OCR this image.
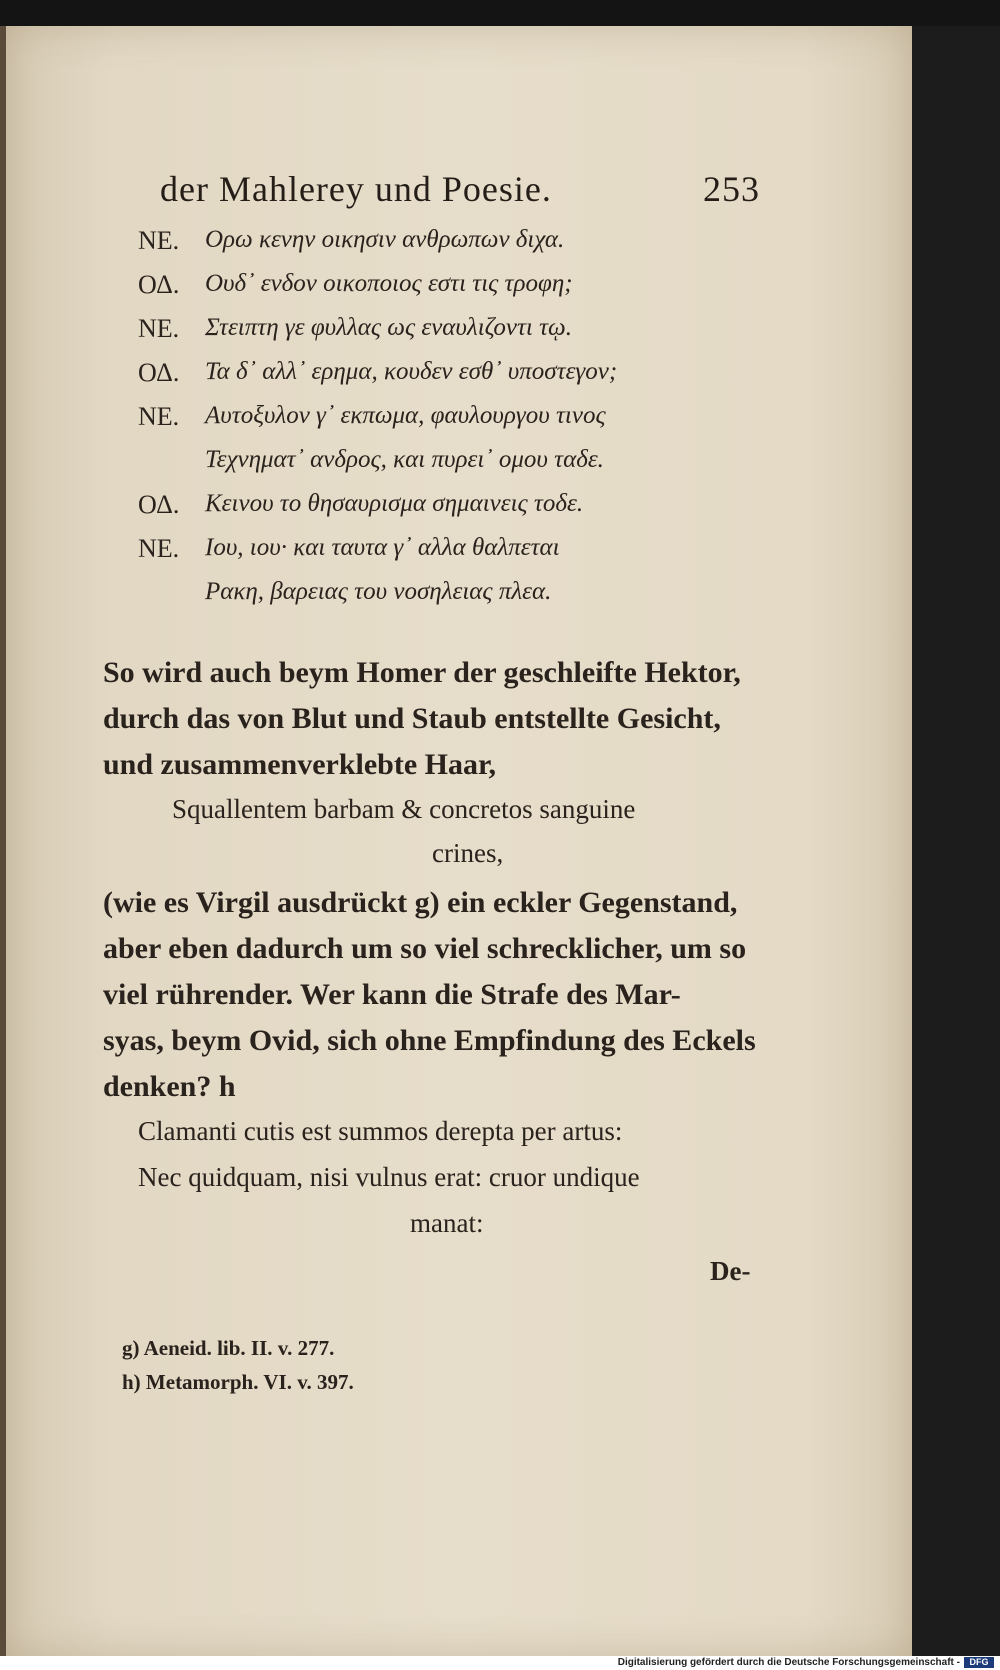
der Mahlerey und Poesie.	253
ΝΕ. Ορω κενην οικησιν ανθρωπων διχα.
ΟΔ. Ουδ᾽ ενδον οικοποιος εστι τις τροφη;
ΝΕ. Στειπτη γε φυλλας ως εναυλιζοντι τῳ.
ΟΔ. Τα δ᾽ αλλ᾽ ερημα, κουδεν εσθ᾽ υποστεγον;
ΝΕ. Αυτοξυλον γ᾽ εκπωμα, φαυλουργου τινος
Τεχνηματ᾽ ανδρος, και πυρει᾽ ομου ταδε.
ΟΔ. Κεινου το θησαυρισμα σημαινεις τοδε.
ΝΕ. Ιου, ιου· και ταυτα γ᾽ αλλα θαλπεται
Ρακη, βαρειας του νοσηλειας πλεα.
So wird auch beym Homer der geschleifte Hektor,
durch das von Blut und Staub entstellte Gesicht,
und zusammenverklebte Haar,
Squallentem barbam & concretos sanguine
crines,
(wie es Virgil ausdrückt g) ein eckler Gegenstand,
aber eben dadurch um so viel schrecklicher, um so
viel rührender. Wer kann die Strafe des Mar-
syas, beym Ovid, sich ohne Empfindung des Eckels
denken? h
Clamanti cutis est summos derepta per artus:
Nec quidquam, nisi vulnus erat: cruor undique
manat:
De-
g) Aeneid. lib. II. v. 277.
h) Metamorph. VI. v. 397.
Digitalisierung gefördert durch die Deutsche Forschungsgemeinschaft -	DFG
